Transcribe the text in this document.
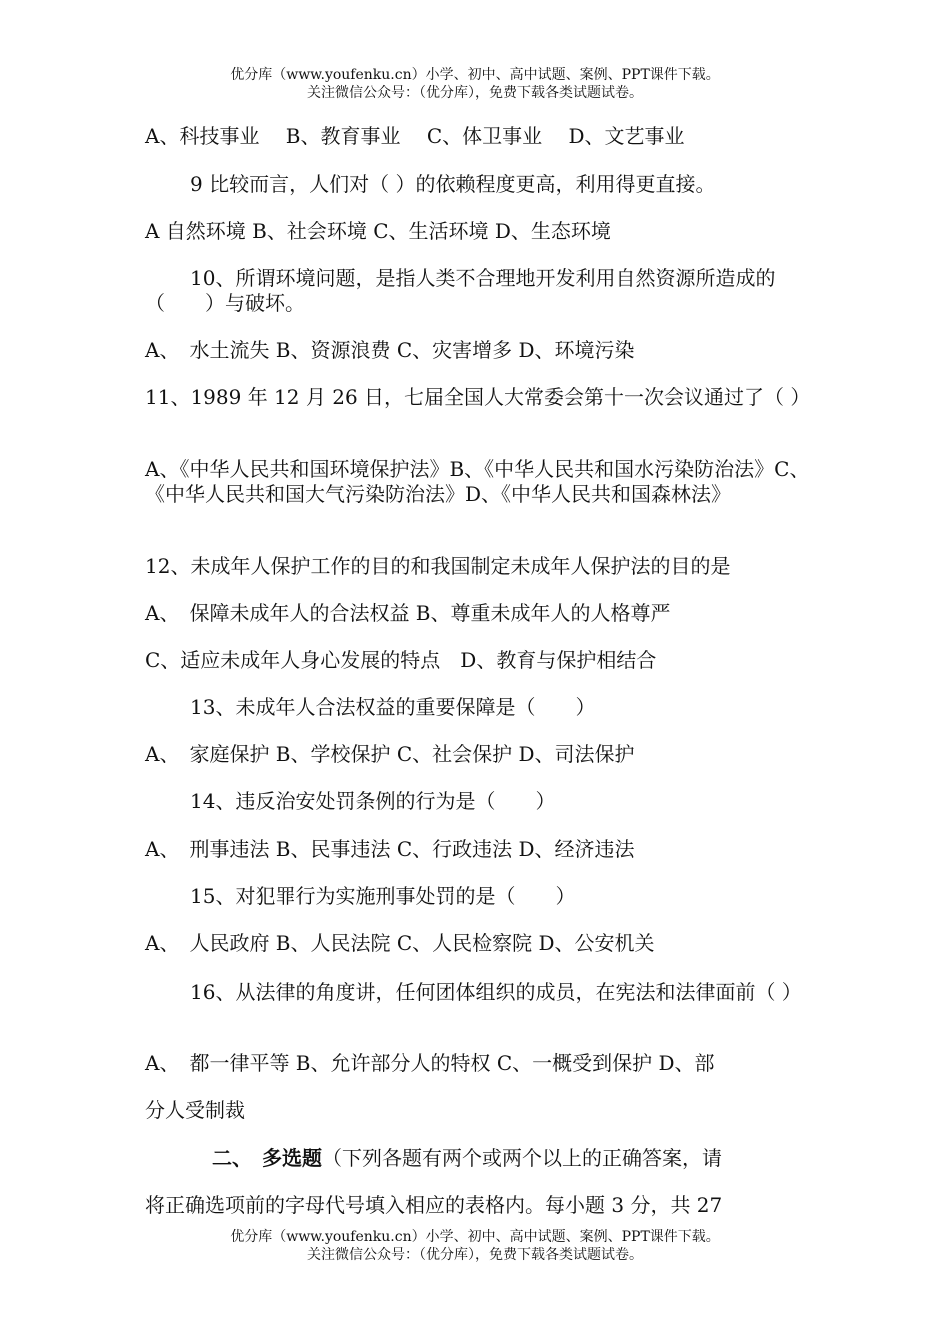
优分库（www.youfenku.cn）小学、初中、高中试题、案例、PPT课件下载。
关注微信公众号：（优分库），免费下载各类试题试卷。
A、科技事业　 B、教育事业　 C、体卫事业　 D、文艺事业
9 比较而言，人们对（ ）的依赖程度更高，利用得更直接。
A 自然环境 B、社会环境 C、生活环境 D、生态环境
10、所谓环境问题，是指人类不合理地开发利用自然资源所造成的（　　）与破坏。
A、　水土流失 B、资源浪费 C、灾害增多 D、环境污染
11、1989 年 12 月 26 日，七届全国人大常委会第十一次会议通过了（ ）
A、《中华人民共和国环境保护法》B、《中华人民共和国水污染防治法》C、《中华人民共和国大气污染防治法》D、《中华人民共和国森林法》
12、未成年人保护工作的目的和我国制定未成年人保护法的目的是
A、　保障未成年人的合法权益 B、尊重未成年人的人格尊严
C、适应未成年人身心发展的特点　D、教育与保护相结合
13、未成年人合法权益的重要保障是（　　）
A、　家庭保护 B、学校保护 C、社会保护 D、司法保护
14、违反治安处罚条例的行为是（　　）
A、　刑事违法 B、民事违法 C、行政违法 D、经济违法
15、对犯罪行为实施刑事处罚的是（　　）
A、　人民政府 B、人民法院 C、人民检察院 D、公安机关
16、从法律的角度讲，任何团体组织的成员，在宪法和法律面前（ ）
A、　都一律平等 B、允许部分人的特权 C、一概受到保护 D、部
分人受制裁
二、　多选题（下列各题有两个或两个以上的正确答案，请
将正确选项前的字母代号填入相应的表格内。每小题 3 分，共 27
优分库（www.youfenku.cn）小学、初中、高中试题、案例、PPT课件下载。
关注微信公众号：（优分库），免费下载各类试题试卷。
